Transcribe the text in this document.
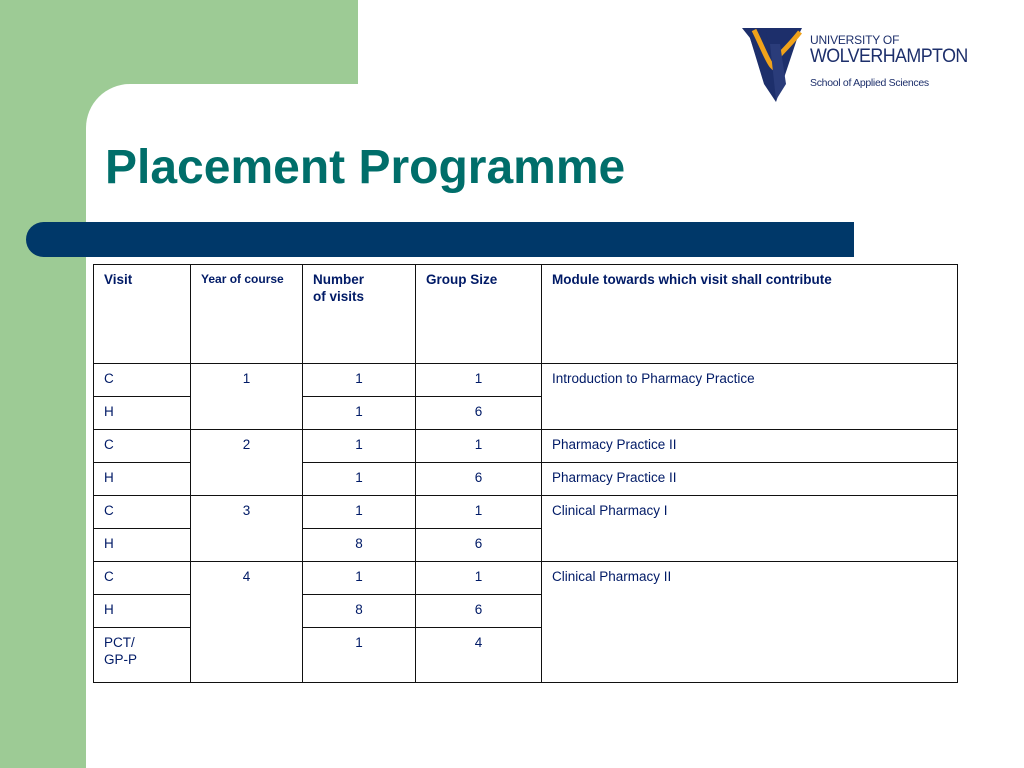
UNIVERSITY OF
WOLVERHAMPTON
School of Applied Sciences
Placement Programme
Visit	Year of course	Number
of visits	Group Size	Module towards which visit shall contribute
C	1	1	1	Introduction to Pharmacy Practice
H		1	6	
C	2	1	1	Pharmacy Practice II
H		1	6	Pharmacy Practice II
C	3	1	1	Clinical Pharmacy I
H		8	6	
C	4	1	1	Clinical Pharmacy II
H		8	6	
PCT/
GP-P		1	4	
